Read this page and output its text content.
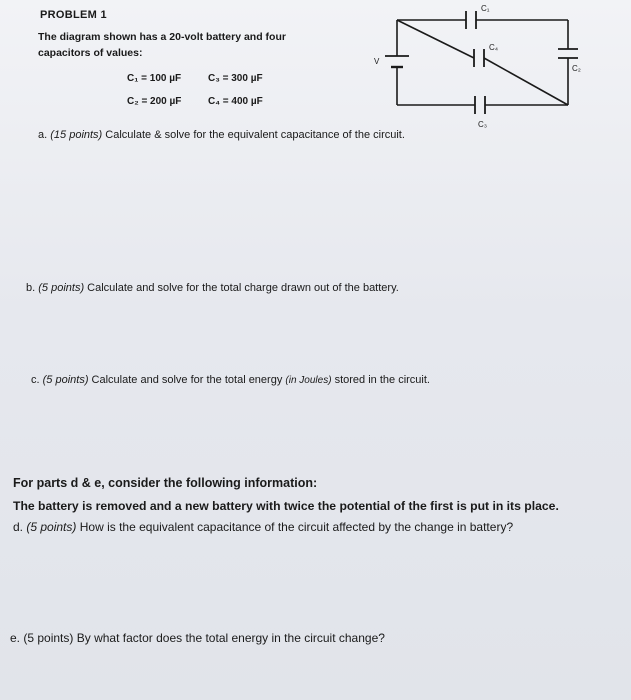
PROBLEM 1
The diagram shown has a 20-volt battery and four
capacitors of values:
C₁ = 100 µF	C₃ = 300 µF
C₂ = 200 µF	C₄ = 400 µF
C₁
C₄
C₂
C₃
V
a. (15 points) Calculate & solve for the equivalent capacitance of the circuit.
b. (5 points) Calculate and solve for the total charge drawn out of the battery.
c. (5 points) Calculate and solve for the total energy (in Joules) stored in the circuit.
For parts d & e, consider the following information:
The battery is removed and a new battery with twice the potential of the first is put in its place.
d. (5 points) How is the equivalent capacitance of the circuit affected by the change in battery?
e. (5 points) By what factor does the total energy in the circuit change?
